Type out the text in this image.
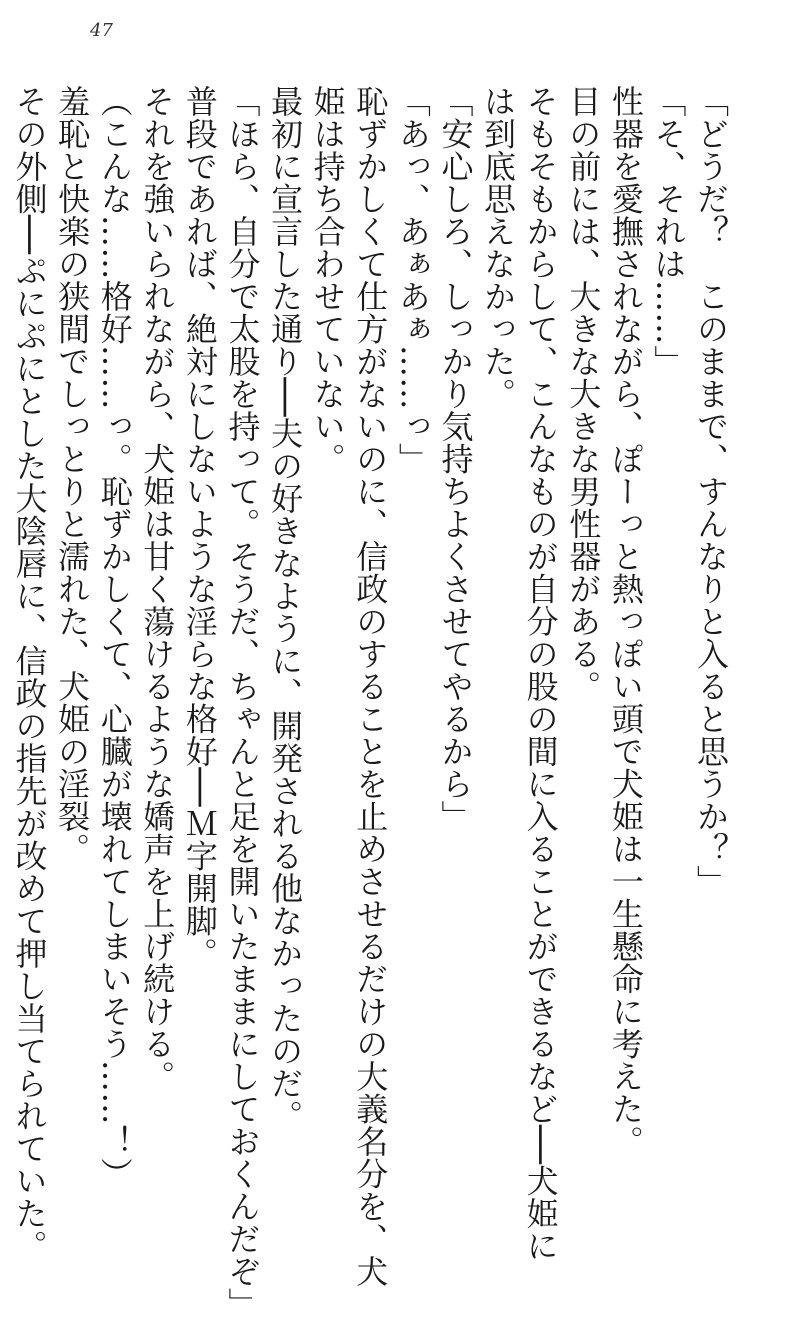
47
「どうだ？　このままで、すんなりと入ると思うか？」
「そ、それは……」
性器を愛撫されながら、ぽーっと熱っぽい頭で犬姫は一生懸命に考えた。
目の前には、大きな大きな男性器がある。
そもそもからして、こんなものが自分の股の間に入ることができるなど──犬姫に
は到底思えなかった。
「安心しろ、しっかり気持ちよくさせてやるから」
「あっ、あぁあぁ……っ」
恥ずかしくて仕方がないのに、信政のすることを止めさせるだけの大義名分を、犬
姫は持ち合わせていない。
最初に宣言した通り──夫の好きなように、開発される他なかったのだ。
「ほら、自分で太股を持って。そうだ、ちゃんと足を開いたままにしておくんだぞ」
普段であれば、絶対にしないような淫らな格好──Ｍ字開脚。
それを強いられながら、犬姫は甘く蕩けるような嬌声を上げ続ける。
（こんな……格好……っ。恥ずかしくて、心臓が壊れてしまいそう……！）
羞恥と快楽の狭間でしっとりと濡れた、犬姫の淫裂。
その外側──ぷにぷにとした大陰唇に、信政の指先が改めて押し当てられていた。
